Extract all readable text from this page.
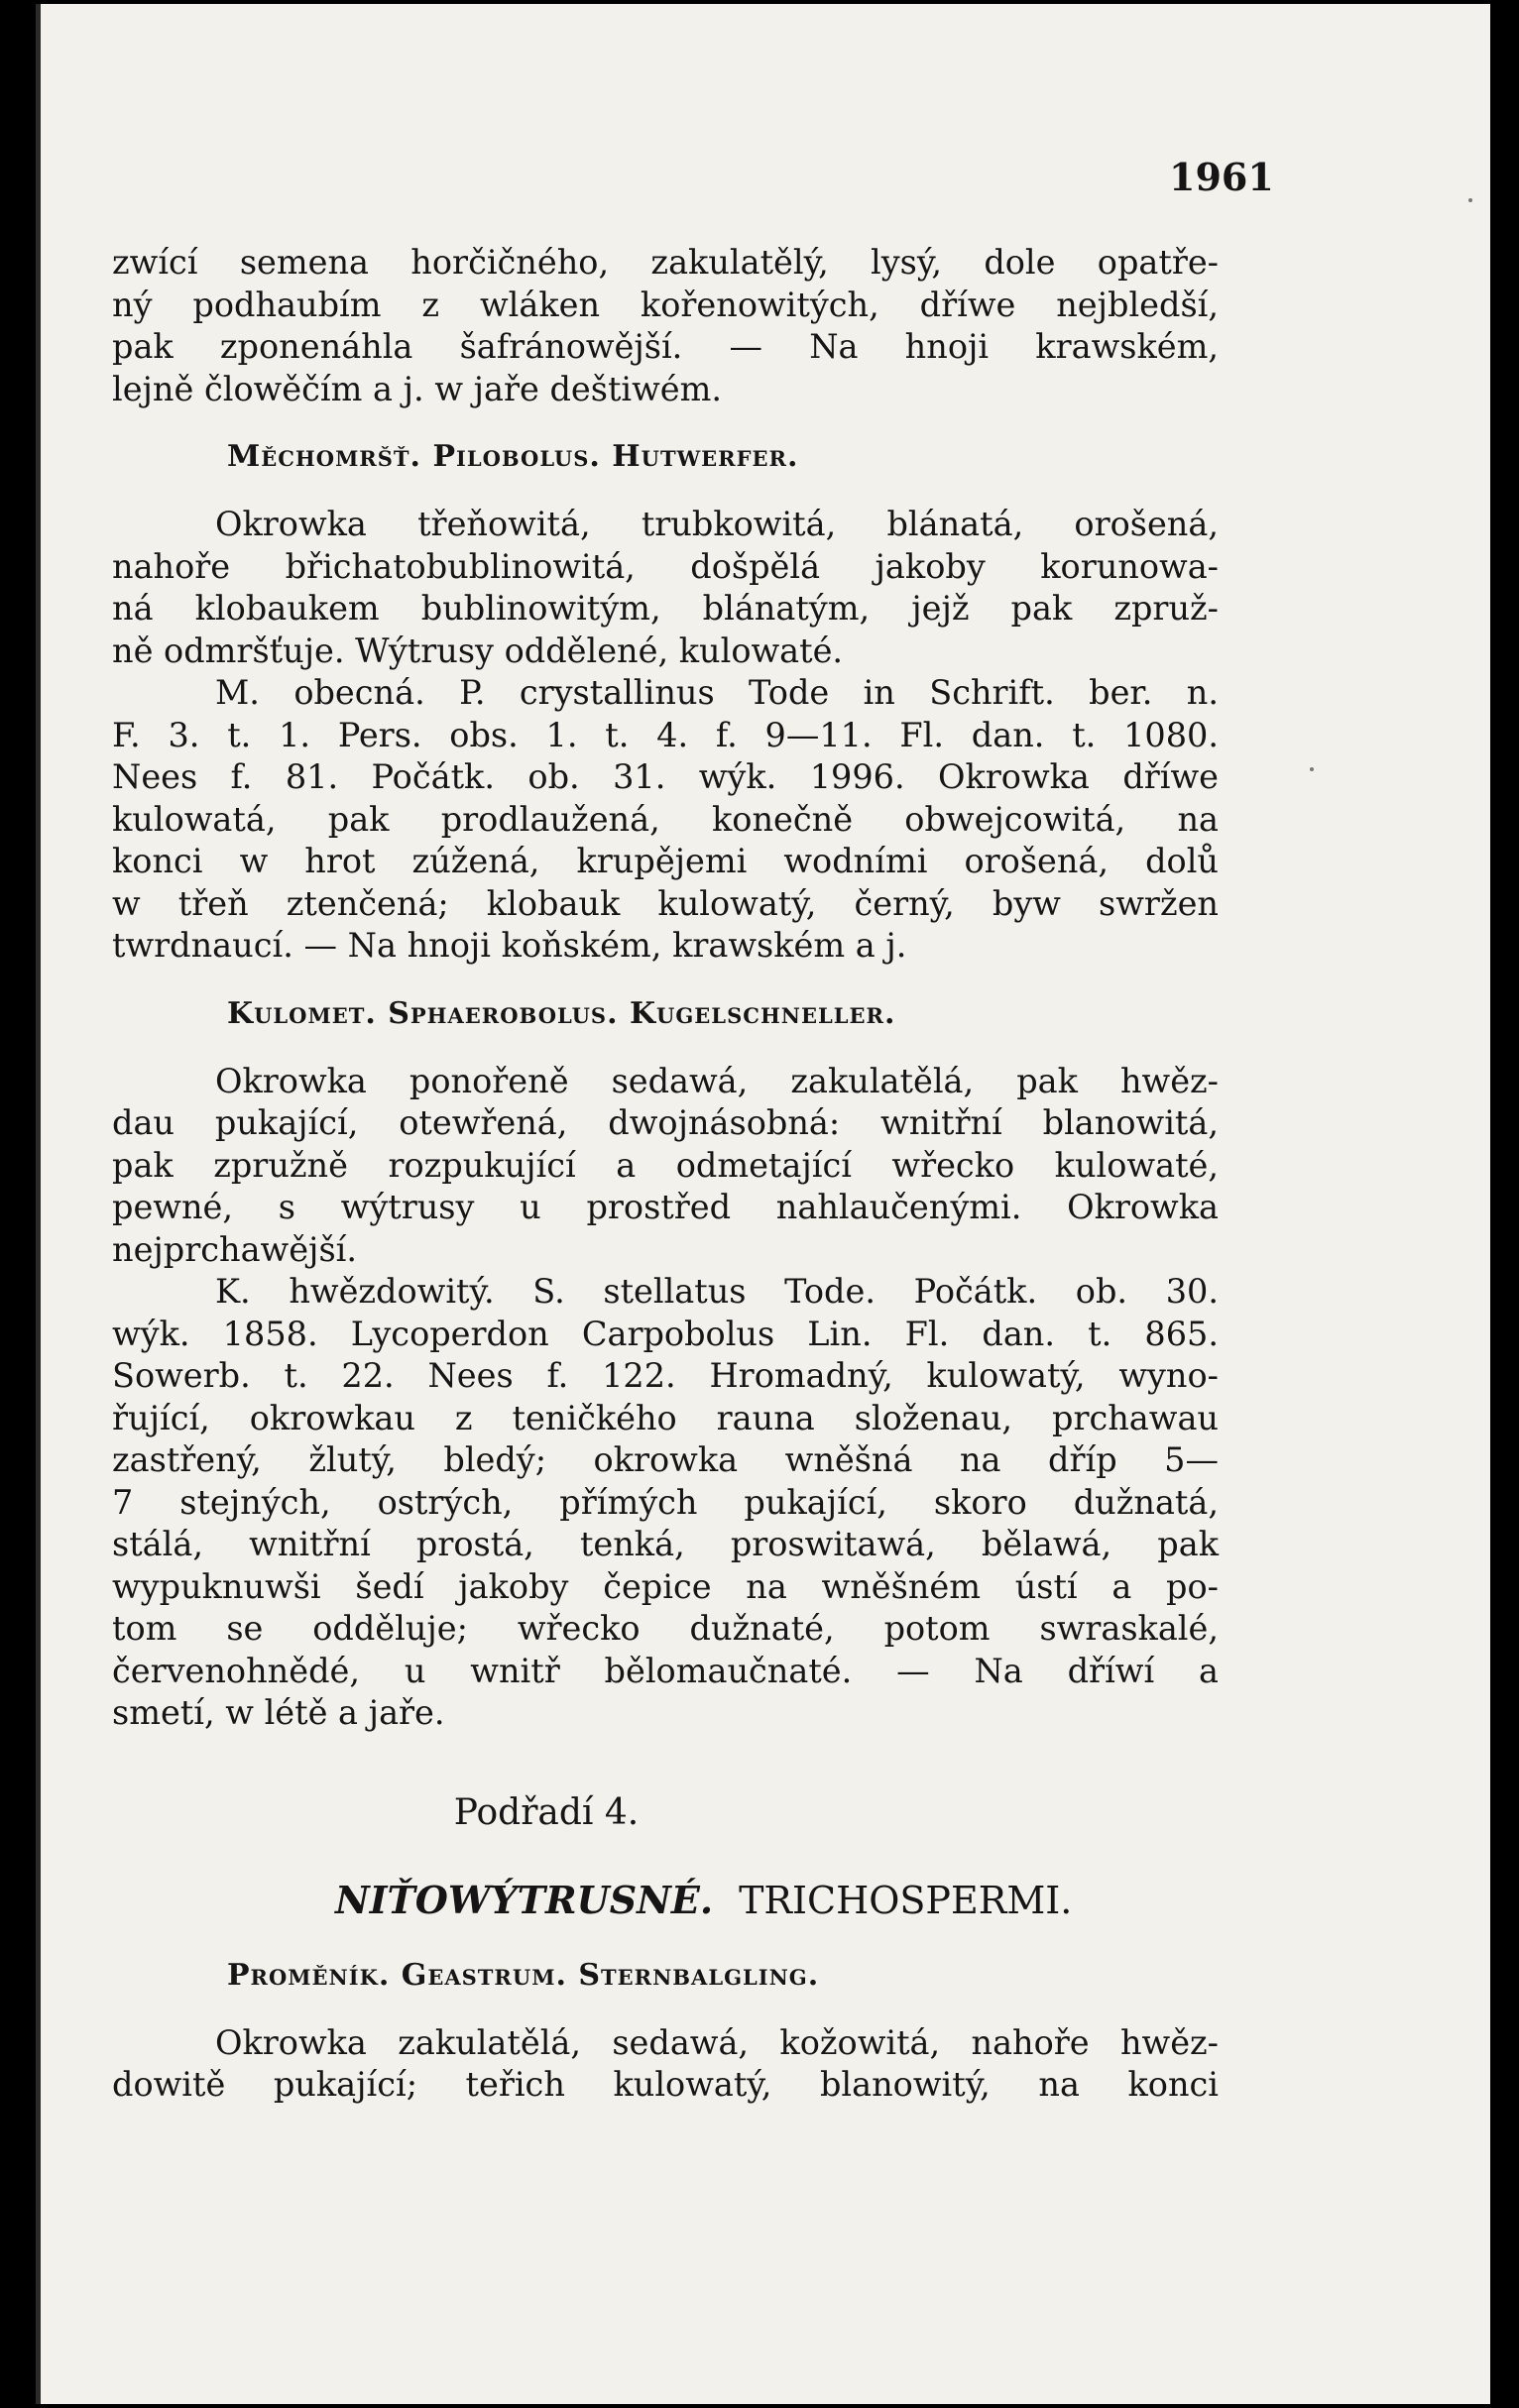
1961
zwící semena horčičného, zakulatělý, lysý, dole opatře-
ný podhaubím z wláken kořenowitých, dříwe nejbledší,
pak zponenáhla šafránowější. — Na hnoji krawském,
lejně člowěčím a j. w jaře deštiwém.
Měchomršť. Pilobolus. Hutwerfer.
Okrowka třeňowitá, trubkowitá, blánatá, orošená,
nahoře břichatobublinowitá, došpělá jakoby korunowa-
ná klobaukem bublinowitým, blánatým, jejž pak zpruž-
ně odmršťuje. Wýtrusy oddělené, kulowaté.
M. obecná. P. crystallinus Tode in Schrift. ber. n.
F. 3. t. 1. Pers. obs. 1. t. 4. f. 9—11. Fl. dan. t. 1080.
Nees f. 81. Počátk. ob. 31. wýk. 1996. Okrowka dříwe
kulowatá, pak prodlaužená, konečně obwejcowitá, na
konci w hrot zúžená, krupějemi wodními orošená, dolů
w třeň ztenčená; klobauk kulowatý, černý, byw swržen
twrdnaucí. — Na hnoji koňském, krawském a j.
Kulomet. Sphaerobolus. Kugelschneller.
Okrowka ponořeně sedawá, zakulatělá, pak hwěz-
dau pukající, otewřená, dwojnásobná: wnitřní blanowitá,
pak zpružně rozpukující a odmetající wřecko kulowaté,
pewné, s wýtrusy u prostřed nahlaučenými. Okrowka
nejprchawější.
K. hwězdowitý. S. stellatus Tode. Počátk. ob. 30.
wýk. 1858. Lycoperdon Carpobolus Lin. Fl. dan. t. 865.
Sowerb. t. 22. Nees f. 122. Hromadný, kulowatý, wyno-
řující, okrowkau z teničkého rauna složenau, prchawau
zastřený, žlutý, bledý; okrowka wněšná na dříp 5—
7 stejných, ostrých, přímých pukající, skoro dužnatá,
stálá, wnitřní prostá, tenká, proswitawá, bělawá, pak
wypuknuwši šedí jakoby čepice na wněšném ústí a po-
tom se odděluje; wřecko dužnaté, potom swraskalé,
červenohnědé, u wnitř bělomaučnaté. — Na dříwí a
smetí, w létě a jaře.
Podřadí 4.
NIŤOWÝTRUSNÉ. TRICHOSPERMI.
Proměník. Geastrum. Sternbalgling.
Okrowka zakulatělá, sedawá, kožowitá, nahoře hwěz-
dowitě pukající; teřich kulowatý, blanowitý, na konci
